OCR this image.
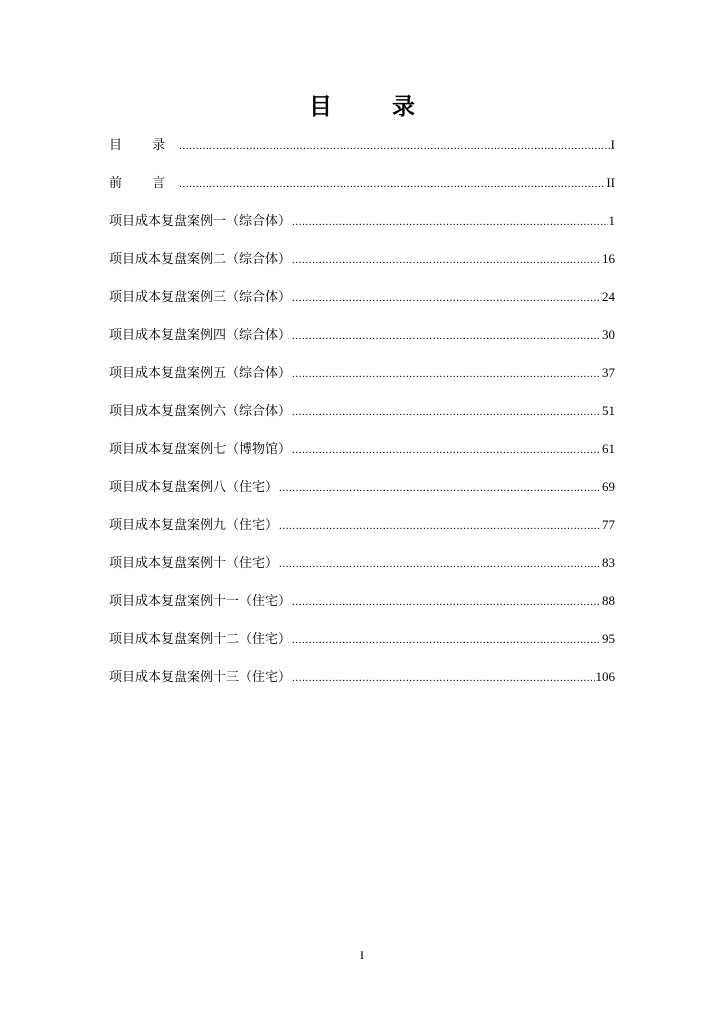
目 录
目 录 .....	I
前 言 .....	II
项目成本复盘案例一（综合体） .....	1
项目成本复盘案例二（综合体） .....	16
项目成本复盘案例三（综合体） .....	24
项目成本复盘案例四（综合体） .....	30
项目成本复盘案例五（综合体） .....	37
项目成本复盘案例六（综合体） .....	51
项目成本复盘案例七（博物馆） .....	61
项目成本复盘案例八（住宅） .....	69
项目成本复盘案例九（住宅） .....	77
项目成本复盘案例十（住宅） .....	83
项目成本复盘案例十一（住宅） .....	88
项目成本复盘案例十二（住宅） .....	95
项目成本复盘案例十三（住宅） .....	106
I
